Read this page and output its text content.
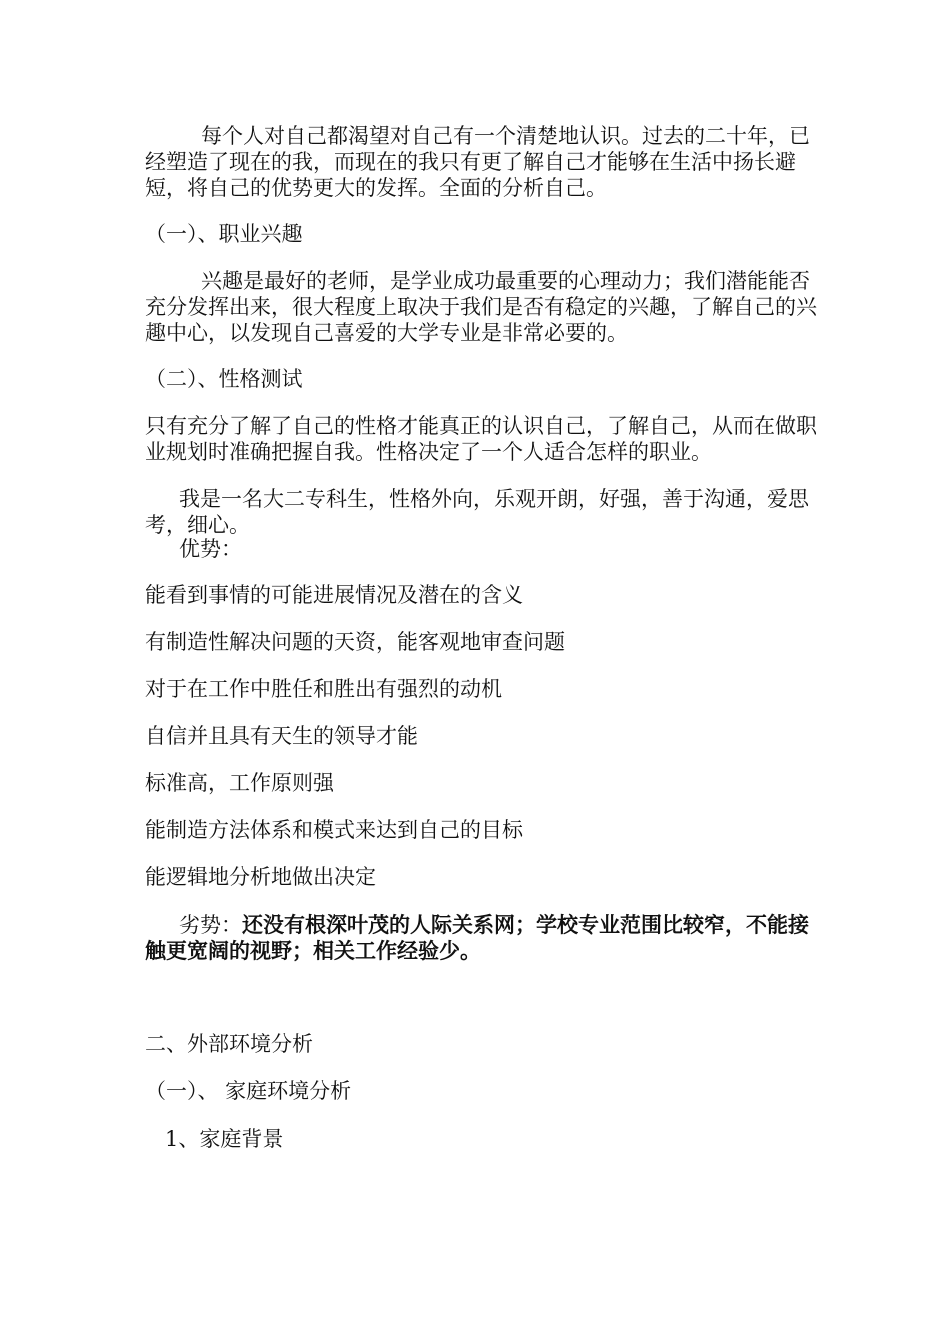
每个人对自己都渴望对自己有一个清楚地认识。过去的二十年，已经塑造了现在的我，而现在的我只有更了解自己才能够在生活中扬长避短，将自己的优势更大的发挥。全面的分析自己。

（一）、职业兴趣

兴趣是最好的老师，是学业成功最重要的心理动力；我们潜能能否充分发挥出来，很大程度上取决于我们是否有稳定的兴趣，了解自己的兴趣中心，以发现自己喜爱的大学专业是非常必要的。

（二）、性格测试

只有充分了解了自己的性格才能真正的认识自己，了解自己，从而在做职业规划时准确把握自我。性格决定了一个人适合怎样的职业。

我是一名大二专科生，性格外向，乐观开朗，好强，善于沟通，爱思考，细心。

优势：

能看到事情的可能进展情况及潜在的含义

有制造性解决问题的天资，能客观地审查问题

对于在工作中胜任和胜出有强烈的动机

自信并且具有天生的领导才能

标准高，工作原则强

能制造方法体系和模式来达到自己的目标

能逻辑地分析地做出决定

劣势：还没有根深叶茂的人际关系网；学校专业范围比较窄，不能接触更宽阔的视野；相关工作经验少。

二、外部环境分析

（一）、 家庭环境分析

1、家庭背景
